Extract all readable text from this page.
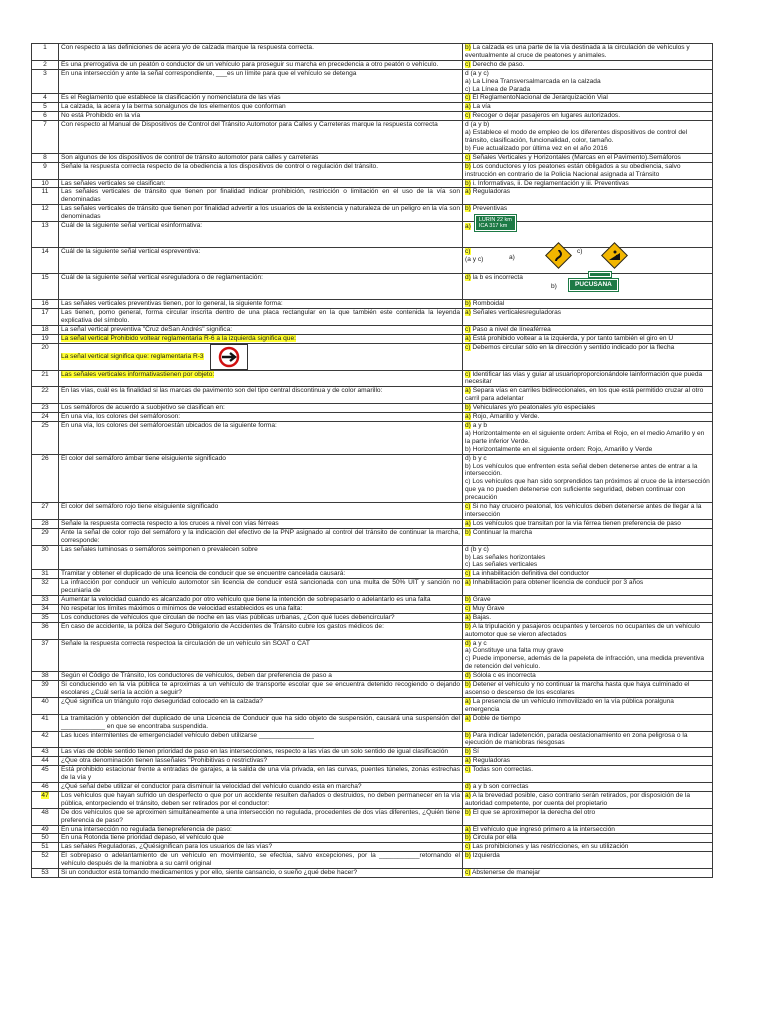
1	Con respecto a las definiciones de acera y/o de calzada marque la respuesta correcta.	b) La calzada es una parte de la vía destinada a la circulación de vehículos y eventualmente al cruce de peatones y animales.

2	Es una prerrogativa de un peatón o conductor de un vehículo para proseguir su marcha en precedencia a otro peatón o vehículo.	c) Derecho de paso.

3	En una intersección y ante la señal correspondiente, ___es un límite para que el vehículo se detenga	d (a y c)
a) La Línea Transversalmarcada en la calzada
c) La Línea de Parada

4	Es el Reglamento que establece la clasificación y nomenclatura de las vías	c) El ReglamentoNacional de Jerarquización Vial

5	La calzada, la acera y la berma sonalgunos de los elementos que conforman	a) La vía

6	No está Prohibido en la vía	c) Recoger o dejar pasajeros en lugares autorizados.

7	Con respecto al Manual de Dispositivos de Control del Tránsito Automotor para Calles y Carreteras marque la respuesta correcta	d (a y b)
a) Establece el modo de empleo de los diferentes dispositivos de control del tránsito, clasificación, funcionalidad, color, tamaño.
b) Fue actualizado por última vez en el año 2016

8	Son algunos de los dispositivos de control de tránsito automotor para calles y carreteras	c) Señales Verticales y Horizontales (Marcas en el Pavimento).Semáforos

9	Señale la respuesta correcta respecto de la obediencia a los dispositivos de control o regulación del tránsito.	b) Los conductores y los peatones están obligados a su obediencia, salvo instrucción en contrario de la Policía Nacional asignada al Tránsito

10	Las señales verticales se clasifican:	b) i. Informativas, ii. De reglamentación y iii. Preventivas

11	Las señales verticales de tránsito que tienen por finalidad indicar prohibición, restricción o limitación en el uso de la vía son denominadas	a) Reguladoras

12	Las señales verticales de tránsito que tienen por finalidad advertir a los usuarios de la existencia y naturaleza de un peligro en la vía son denominadas	b) Preventivas

13	Cuál de la siguiente señal vertical esinformativa:	a)
LURIN 22 km
ICA 317 km

14	Cuál de la siguiente señal vertical espreventiva:	c)
(a y c) a)
c)

15	Cuál de la siguiente señal vertical esreguladora o de reglamentación:	d) la b es incorrecta
b) PUCUSANA

16	Las señales verticales preventivas tienen, por lo general, la siguiente forma:	b) Romboidal

17	Las tienen, pomo general, forma circular inscrita dentro de una placa rectangular en la que también este contenida la leyenda explicativa del símbolo.	a) Señales verticalesreguladoras

18	La señal vertical preventiva "Cruz deSan Andrés" significa:	c) Paso a nivel de líneaférrea

19	La señal vertical Prohibido voltear reglamentaria R-6 a la izquierda significa que:	a) Está prohibido voltear a la izquierda, y por tanto también el giro en U

20	La señal vertical significa que: reglamentaria R-3	c) Debemos circular sólo en la dirección y sentido indicado por la flecha

21	Las señales verticales informativastienen por objeto:	c) Identificar las vías y guiar al usuarioproporcionándole lainformación que pueda necesitar

22	En las vías, cuál es la finalidad si las marcas de pavimento son del tipo central discontinua y de color amarillo:	a) Separa vías en carriles bidireccionales, en los que está permitido cruzar al otro carril para adelantar

23	Los semáforos de acuerdo a suobjetivo se clasifican en:	b) Vehiculares y/o peatonales y/o especiales

24	En una vía, los colores del semáforoson:	a) Rojo, Amarillo y Verde.

25	En una vía, los colores del semáforoestán ubicados de la siguiente forma:	d) a y b
a) Horizontalmente en el siguiente orden: Arriba el Rojo, en el medio Amarillo y en la parte inferior Verde.
b) Horizontalmente en el siguiente orden: Rojo, Amarillo y Verde

26	El color del semáforo ámbar tiene elsiguiente significado	d) b y c
b) Los vehículos que enfrenten esta señal deben detenerse antes de entrar a la intersección.
c) Los vehículos que han sido sorprendidos tan próximos al cruce de la intersección que ya no pueden detenerse con suficiente seguridad, deben continuar con precaución

27	El color del semáforo rojo tiene elsiguiente significado	c) Si no hay crucero peatonal, los vehículos deben detenerse antes de llegar a la intersección

28	Señale la respuesta correcta respecto a los cruces a nivel con vías férreas	a) Los vehículos que transitan por la vía férrea tienen preferencia de paso

29	Ante la señal de color rojo del semáforo y la indicación del efectivo de la PNP asignado al control del tránsito de continuar la marcha, corresponde:	b) Continuar la marcha

30	Las señales luminosas o semáforos seimponen o prevalecen sobre	d (b y c)
b) Las señales horizontales
c) Las señales verticales

31	Tramitar y obtener el duplicado de una licencia de conducir que se encuentre cancelada causará:	c) La inhabilitación definitiva del conductor

32	La infracción por conducir un vehículo automotor sin licencia de conducir está sancionada con una multa de 50% UIT y sanción no pecuniaria de	a) Inhabilitación para obtener licencia de conducir por 3 años

33	Aumentar la velocidad cuando es alcanzado por otro vehículo que tiene la intención de sobrepasarlo o adelantarlo es una falta	b) Grave

34	No respetar los límites máximos o mínimos de velocidad establecidos es una falta:	c) Muy Grave

35	Los conductores de vehículos que circulan de noche en las vías públicas urbanas, ¿Con qué luces debencircular?	a) Bajas.

36	En caso de accidente, la póliza del Seguro Obligatorio de Accidentes de Tránsito cubre los gastos médicos de:	b) A la tripulación y pasajeros ocupantes y terceros no ocupantes de un vehículo automotor que se vieron afectados

37	Señale la respuesta correcta respectoa la circulación de un vehículo sin SOAT o CAT	d) a y c
a) Constituye una falta muy grave
c) Puede imponerse, además de la papeleta de infracción, una medida preventiva de retención del vehículo.

38	Según el Código de Tránsito, los conductores de vehículos, deben dar preferencia de paso a	d) Sólola c es incorrecta

39	Si conduciendo en la vía pública te aproximas a un vehículo de transporte escolar que se encuentra detenido recogiendo o dejando escolares ¿Cuál sería la acción a seguir?	b) Detener el vehículo y no continuar la marcha hasta que haya culminado el ascenso o descenso de los escolares

40	¿Qué significa un triángulo rojo deseguridad colocado en la calzada?	a) La presencia de un vehículo inmovilizado en la vía pública poralguna emergencia

41	La tramitación y obtención del duplicado de una Licencia de Conducir que ha sido objeto de suspensión, causará una suspensión del ____________ en que se encontraba suspendida.	a) Doble de tiempo

42	Las luces intermitentes de emergenciadel vehículo deben utilizarse _______________	b) Para indicar ladetención, parada oestacionamiento en zona peligrosa o la ejecución de maniobras riesgosas

43	Las vías de doble sentido tienen prioridad de paso en las intersecciones, respecto a las vías de un solo sentido de igual clasificación	b) Sí

44	¿Que otra denominación tienen lasseñales "Prohibitivas o restrictivas?	a) Reguladoras

45	Está prohibido estacionar frente a entradas de garajes, a la salida de una vía privada, en las curvas, puentes túneles, zonas estrechas de la vía y	c) Todas son correctas.

46	¿Qué señal debe utilizar el conductor para disminuir la velocidad del vehículo cuando esta en marcha?	d) a y b son correctas

47	Los vehículos que hayan sufrido un desperfecto o que por un accidente resulten dañados o destruidos, no deben permanecer en la vía pública, entorpeciendo el tránsito, deben ser retirados por el conductor:	a) A la brevedad posible, caso contrario serán retirados, por disposición de la autoridad competente, por cuenta del propietario

48	De dos vehículos que se aproximen simultáneamente a una intersección no regulada, procedentes de dos vías diferentes, ¿Quién tiene preferencia de paso?	b) El que se aproximepor la derecha del otro

49	En una intersección no regulada tienepreferencia de paso:	a) El vehículo que ingresó primero a la intersección

50	En una Rotonda tiene prioridad depaso, el vehículo que	b) Circula por ella

51	Las señales Reguladoras, ¿Quésignifican para los usuarios de las vías?	c) Las prohibiciones y las restricciones, en su utilización

52	El sobrepaso o adelantamiento de un vehículo en movimiento, se efectúa, salvo excepciones, por la ___________retornando el vehículo después de la maniobra a su carril original	b) Izquierda

53	Si un conductor está tomando medicamentos y por ello, siente cansancio, o sueño ¿qué debe hacer?	c) Abstenerse de manejar
